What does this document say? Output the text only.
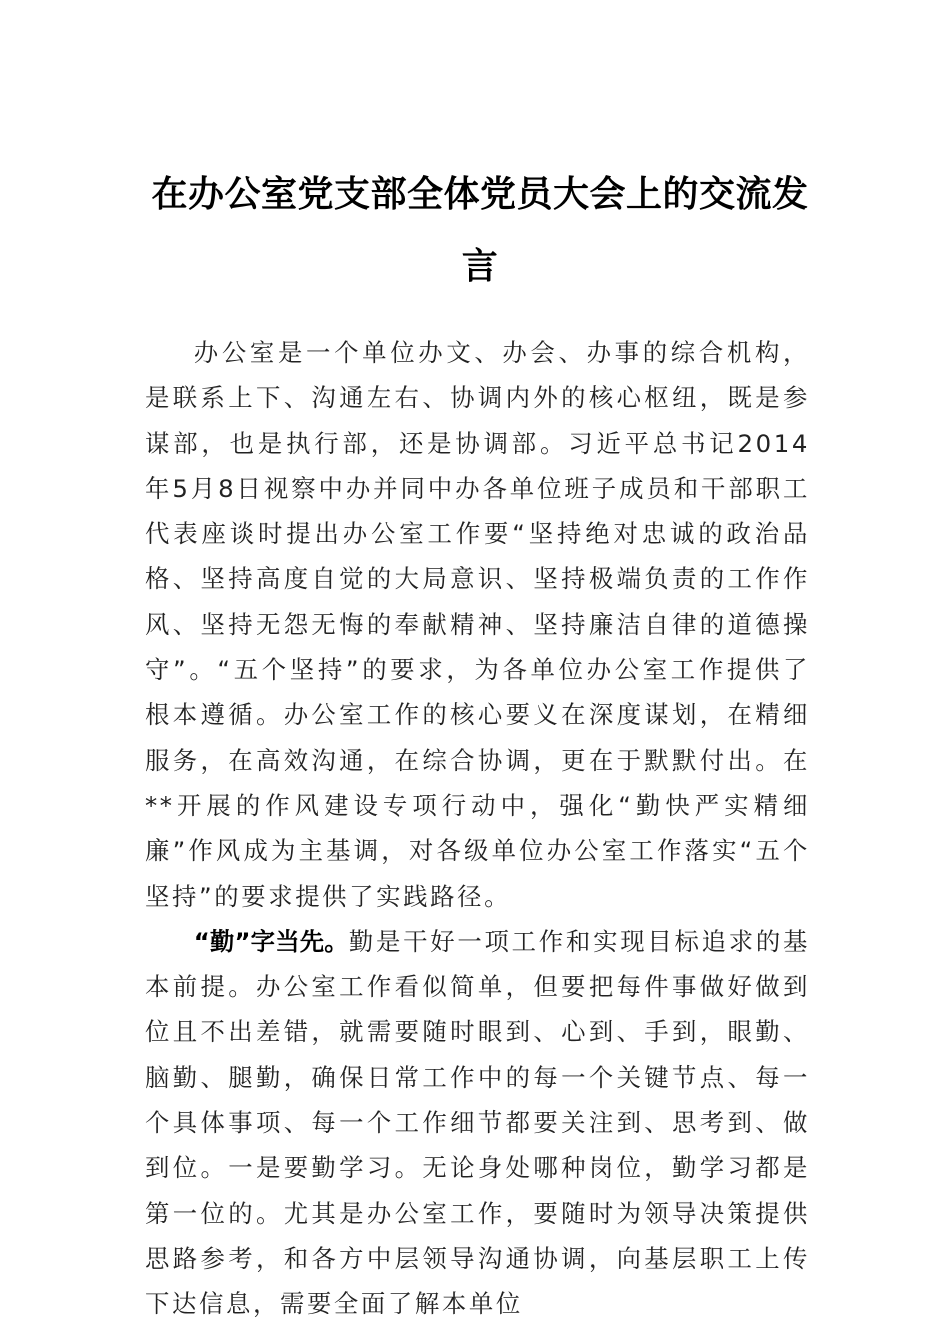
在办公室党支部全体党员大会上的交流发言

办公室是一个单位办文、办会、办事的综合机构，是联系上下、沟通左右、协调内外的核心枢纽，既是参谋部，也是执行部，还是协调部。习近平总书记2014年5月8日视察中办并同中办各单位班子成员和干部职工代表座谈时提出办公室工作要“坚持绝对忠诚的政治品格、坚持高度自觉的大局意识、坚持极端负责的工作作风、坚持无怨无悔的奉献精神、坚持廉洁自律的道德操守”。“五个坚持”的要求，为各单位办公室工作提供了根本遵循。办公室工作的核心要义在深度谋划，在精细服务，在高效沟通，在综合协调，更在于默默付出。在**开展的作风建设专项行动中，强化“勤快严实精细廉”作风成为主基调，对各级单位办公室工作落实“五个坚持”的要求提供了实践路径。

“勤”字当先。勤是干好一项工作和实现目标追求的基本前提。办公室工作看似简单，但要把每件事做好做到位且不出差错，就需要随时眼到、心到、手到，眼勤、脑勤、腿勤，确保日常工作中的每一个关键节点、每一个具体事项、每一个工作细节都要关注到、思考到、做到位。一是要勤学习。无论身处哪种岗位，勤学习都是第一位的。尤其是办公室工作，要随时为领导决策提供思路参考，和各方中层领导沟通协调，向基层职工上传下达信息，需要全面了解本单位
